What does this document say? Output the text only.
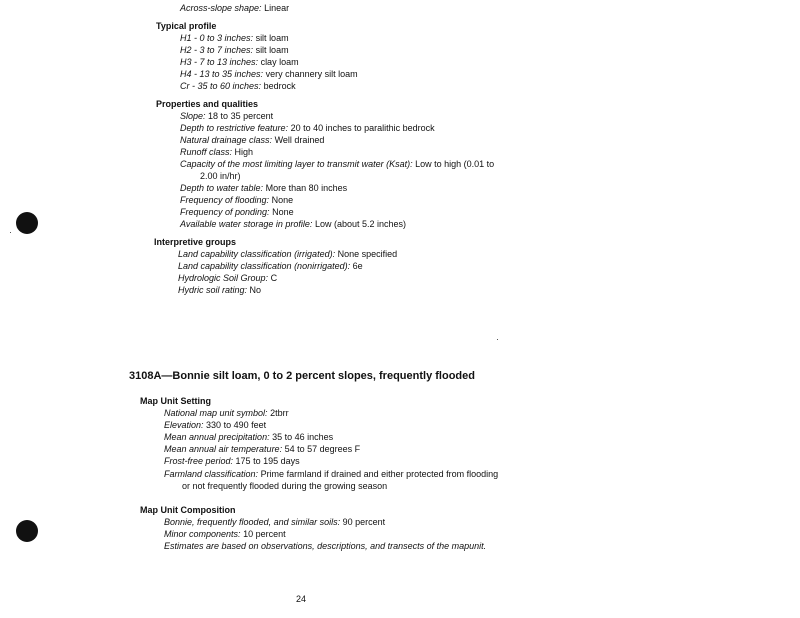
Across-slope shape: Linear
Typical profile
H1 - 0 to 3 inches: silt loam
H2 - 3 to 7 inches: silt loam
H3 - 7 to 13 inches: clay loam
H4 - 13 to 35 inches: very channery silt loam
Cr - 35 to 60 inches: bedrock
Properties and qualities
Slope: 18 to 35 percent
Depth to restrictive feature: 20 to 40 inches to paralithic bedrock
Natural drainage class: Well drained
Runoff class: High
Capacity of the most limiting layer to transmit water (Ksat): Low to high (0.01 to
2.00 in/hr)
Depth to water table: More than 80 inches
Frequency of flooding: None
Frequency of ponding: None
Available water storage in profile: Low (about 5.2 inches)
Interpretive groups
Land capability classification (irrigated): None specified
Land capability classification (nonirrigated): 6e
Hydrologic Soil Group: C
Hydric soil rating: No
3108A—Bonnie silt loam, 0 to 2 percent slopes, frequently flooded
Map Unit Setting
National map unit symbol: 2tbrr
Elevation: 330 to 490 feet
Mean annual precipitation: 35 to 46 inches
Mean annual air temperature: 54 to 57 degrees F
Frost-free period: 175 to 195 days
Farmland classification: Prime farmland if drained and either protected from flooding
or not frequently flooded during the growing season
Map Unit Composition
Bonnie, frequently flooded, and similar soils: 90 percent
Minor components: 10 percent
Estimates are based on observations, descriptions, and transects of the mapunit.
24
